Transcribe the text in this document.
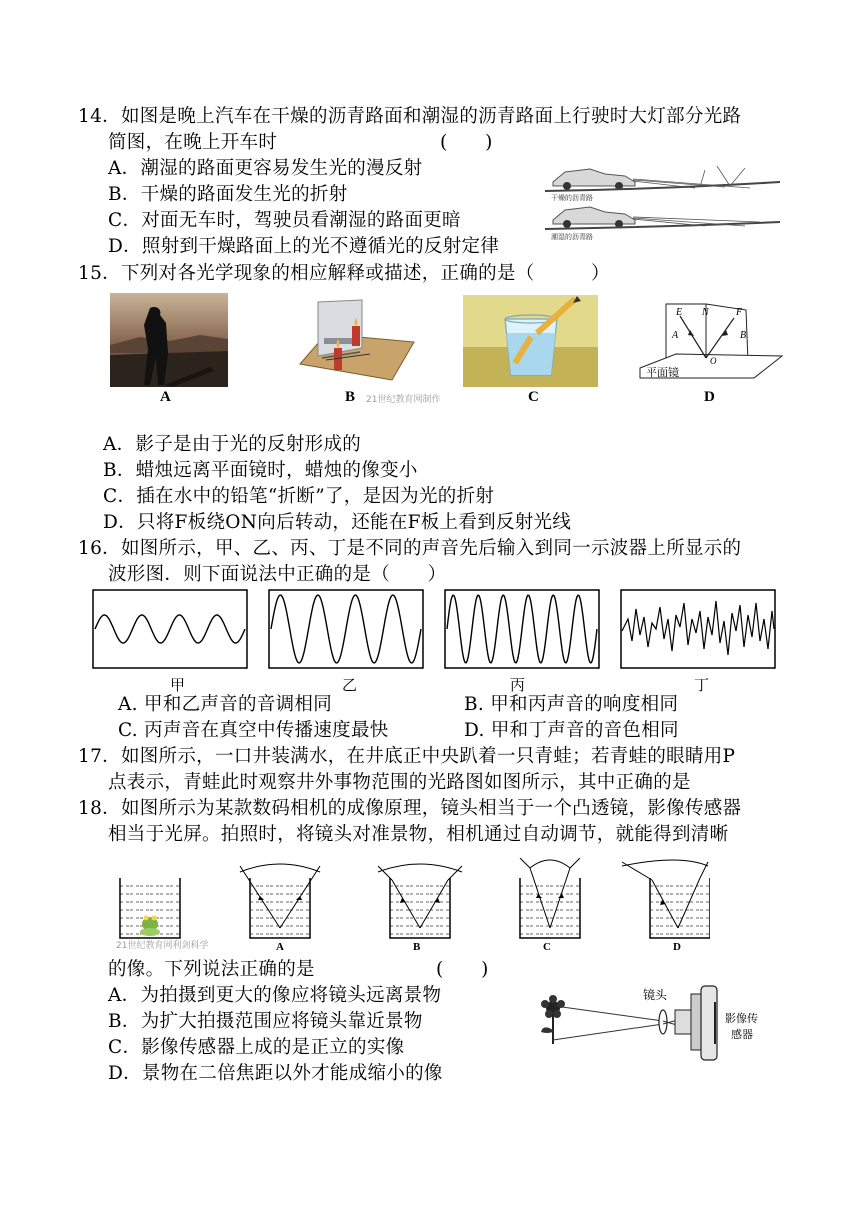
14．如图是晚上汽车在干燥的沥青路面和潮湿的沥青路面上行驶时大灯部分光路
简图，在晚上开车时	(　　)
A．潮湿的路面更容易发生光的漫反射
B．干燥的路面发生光的折射
C．对面无车时，驾驶员看潮湿的路面更暗
D．照射到干燥路面上的光不遵循光的反射定律
干燥的沥青路
潮湿的沥青路
15．下列对各光学现象的相应解释或描述，正确的是（　　　）
A	B 21世纪教育网制作	C
E N	F
A	B
O
平面镜
D
A．影子是由于光的反射形成的
B．蜡烛远离平面镜时，蜡烛的像变小
C．插在水中的铅笔“折断”了，是因为光的折射
D．只将F板绕ON向后转动，还能在F板上看到反射光线
16．如图所示，甲、乙、丙、丁是不同的声音先后输入到同一示波器上所显示的
波形图．则下面说法中正确的是（　　）
甲	乙	丙	丁
A. 甲和乙声音的音调相同	B. 甲和丙声音的响度相同
C. 丙声音在真空中传播速度最快	D. 甲和丁声音的音色相同
17．如图所示，一口井装满水，在井底正中央趴着一只青蛙；若青蛙的眼睛用P
点表示，青蛙此时观察井外事物范围的光路图如图所示，其中正确的是
18．如图所示为某款数码相机的成像原理，镜头相当于一个凸透镜，影像传感器
相当于光屏。拍照时，将镜头对准景物，相机通过自动调节，就能得到清晰
21世纪教育网利剑科学	A	B	C	D
的像。下列说法正确的是	(　　)
A．为拍摄到更大的像应将镜头远离景物
B．为扩大拍摄范围应将镜头靠近景物
C．影像传感器上成的是正立的实像
D．景物在二倍焦距以外才能成缩小的像
镜头
影像传
感器
